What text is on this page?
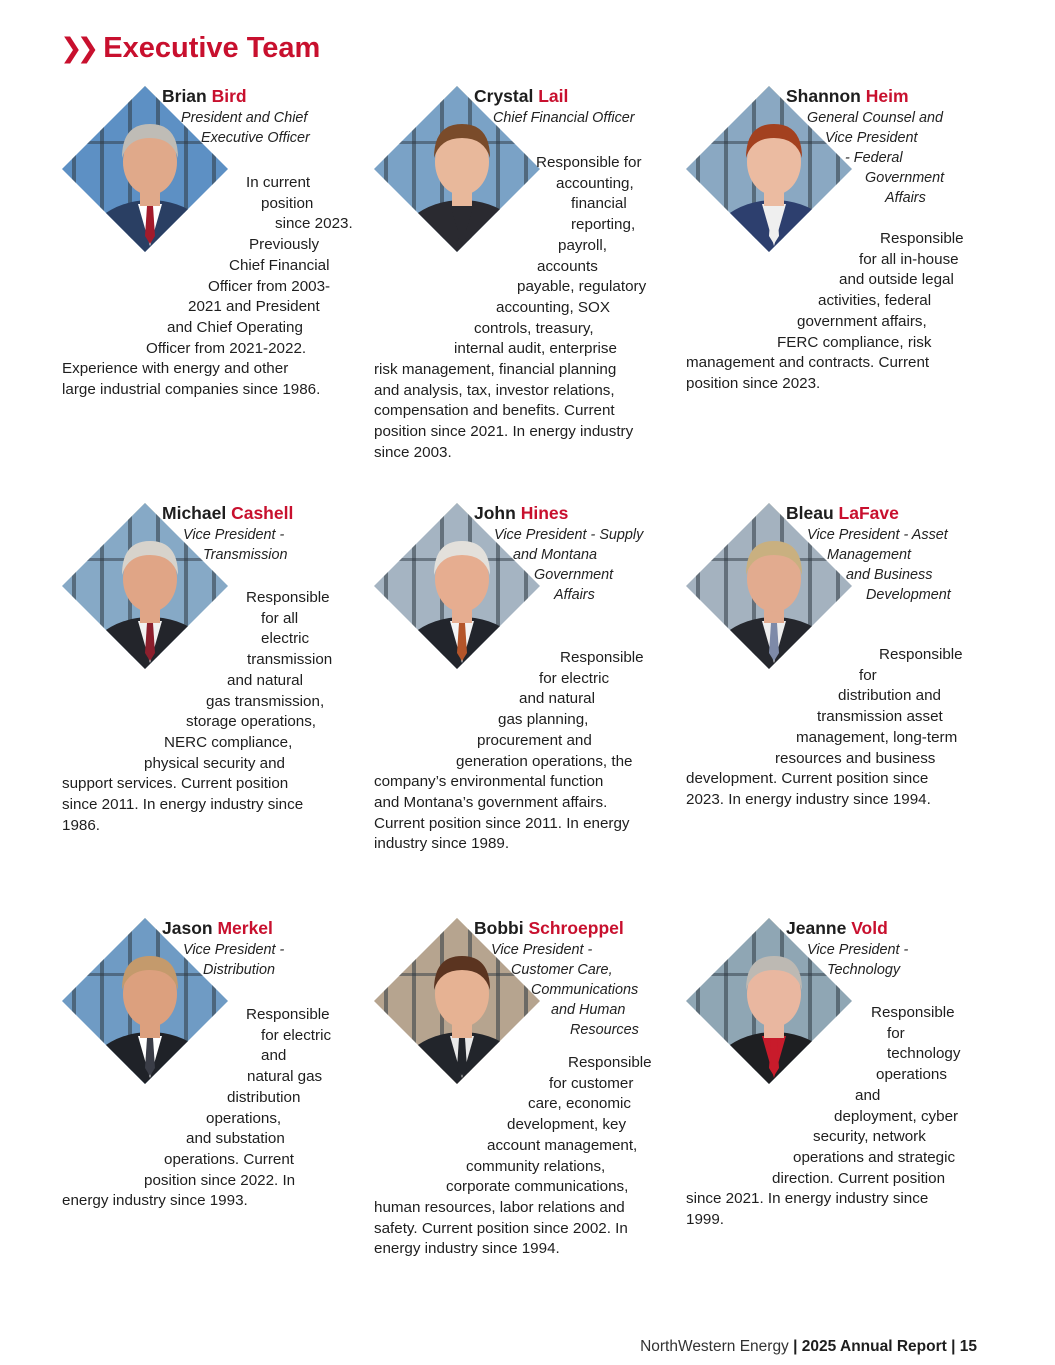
❯❯ Executive Team
Brian Bird
President and Chief
Executive Officer
In current
position
since 2023.
Previously
Chief Financial
Officer from 2003-
2021 and President
and Chief Operating
Officer from 2021-2022.
Experience with energy and other
large industrial companies since 1986.
Crystal Lail
Chief Financial Officer
Responsible for
accounting,
financial
reporting,
payroll,
accounts
payable, regulatory
accounting, SOX
controls, treasury,
internal audit, enterprise
risk management, financial planning
and analysis, tax, investor relations,
compensation and benefits. Current
position since 2021. In energy industry
since 2003.
Shannon Heim
General Counsel and
Vice President
- Federal
Government
Affairs
Responsible
for all in-house
and outside legal
activities, federal
government affairs,
FERC compliance, risk
management and contracts. Current
position since 2023.
Michael Cashell
Vice President -
Transmission
Responsible
for all
electric
transmission
and natural
gas transmission,
storage operations,
NERC compliance,
physical security and
support services. Current position
since 2011. In energy industry since
1986.
John Hines
Vice President - Supply
and Montana
Government
Affairs
Responsible
for electric
and natural
gas planning,
procurement and
generation operations, the
company’s environmental function
and Montana’s government affairs.
Current position since 2011. In energy
industry since 1989.
Bleau LaFave
Vice President - Asset
Management
and Business
Development
Responsible
for
distribution and
transmission asset
management, long-term
resources and business
development. Current position since
2023. In energy industry since 1994.
Jason Merkel
Vice President -
Distribution
Responsible
for electric
and
natural gas
distribution
operations,
and substation
operations. Current
position since 2022. In
energy industry since 1993.
Bobbi Schroeppel
Vice President -
Customer Care,
Communications
and Human
Resources
Responsible
for customer
care, economic
development, key
account management,
community relations,
corporate communications,
human resources, labor relations and
safety. Current position since 2002. In
energy industry since 1994.
Jeanne Vold
Vice President -
Technology
Responsible
for
technology
operations
and
deployment, cyber
security, network
operations and strategic
direction. Current position
since 2021. In energy industry since
1999.
NorthWestern Energy | 2025 Annual Report | 15
